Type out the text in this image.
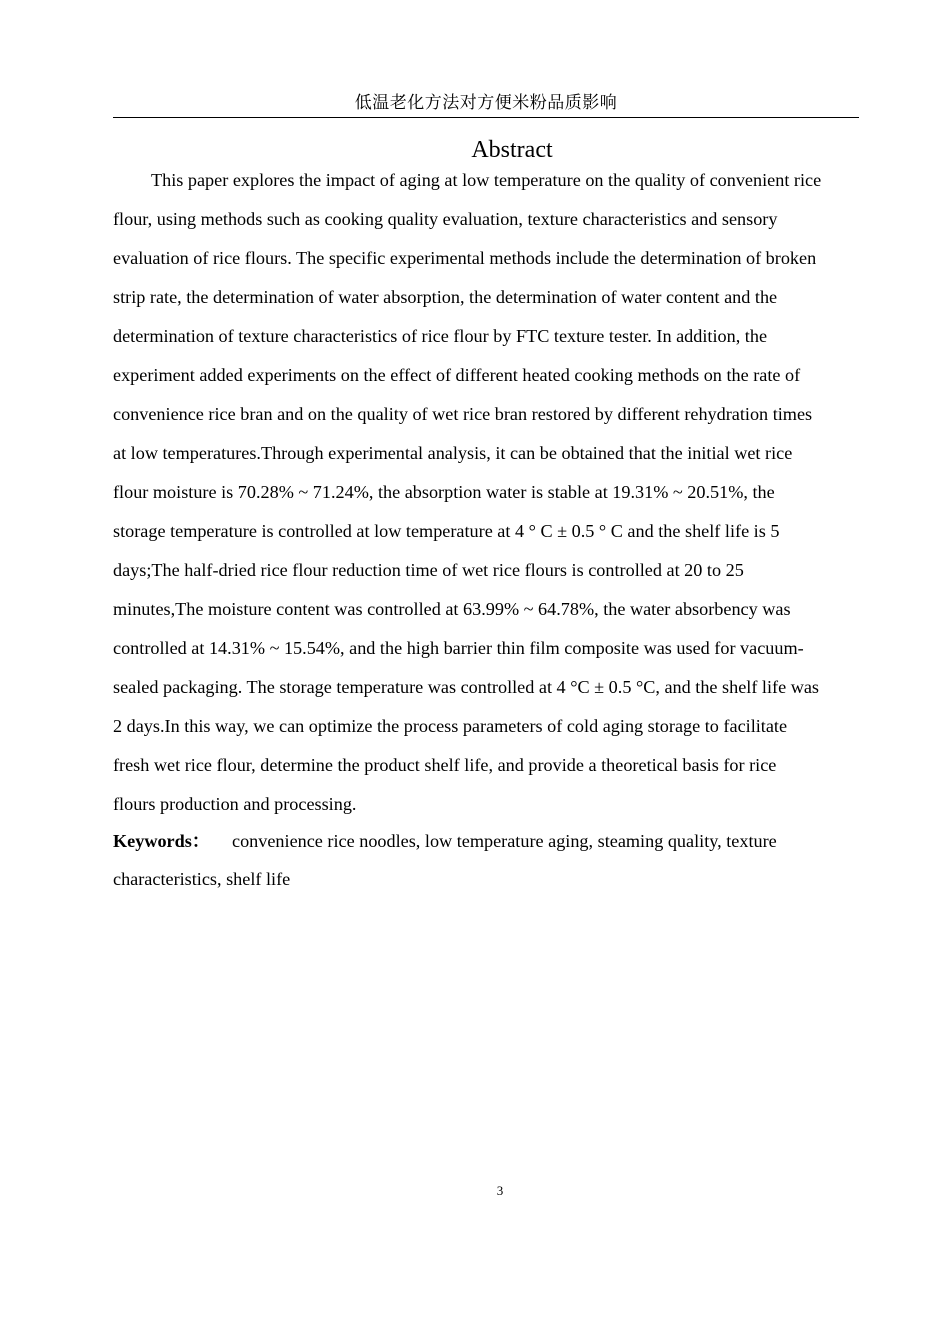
低温老化方法对方便米粉品质影响
Abstract
This paper explores the impact of aging at low temperature on the quality of convenient rice
flour, using methods such as cooking quality evaluation, texture characteristics and sensory
evaluation of rice flours. The specific experimental methods include the determination of broken
strip rate, the determination of water absorption, the determination of water content and the
determination of texture characteristics of rice flour by FTC texture tester. In addition, the
experiment added experiments on the effect of different heated cooking methods on the rate of
convenience rice bran and on the quality of wet rice bran restored by different rehydration times
at low temperatures.Through experimental analysis, it can be obtained that the initial wet rice
flour moisture is 70.28% ~ 71.24%, the absorption water is stable at 19.31% ~ 20.51%, the
storage temperature is controlled at low temperature at 4 ° C ± 0.5 ° C and the shelf life is 5
days;The half-dried rice flour reduction time of wet rice flours is controlled at 20 to 25
minutes,The moisture content was controlled at 63.99% ~ 64.78%, the water absorbency was
controlled at 14.31% ~ 15.54%, and the high barrier thin film composite was used for vacuum-
sealed packaging. The storage temperature was controlled at 4 °C ± 0.5 °C, and the shelf life was
2 days.In this way, we can optimize the process parameters of cold aging storage to facilitate
fresh wet rice flour, determine the product shelf life, and provide a theoretical basis for rice
flours production and processing.
Keywords： convenience rice noodles, low temperature aging, steaming quality, texture
characteristics, shelf life
3
